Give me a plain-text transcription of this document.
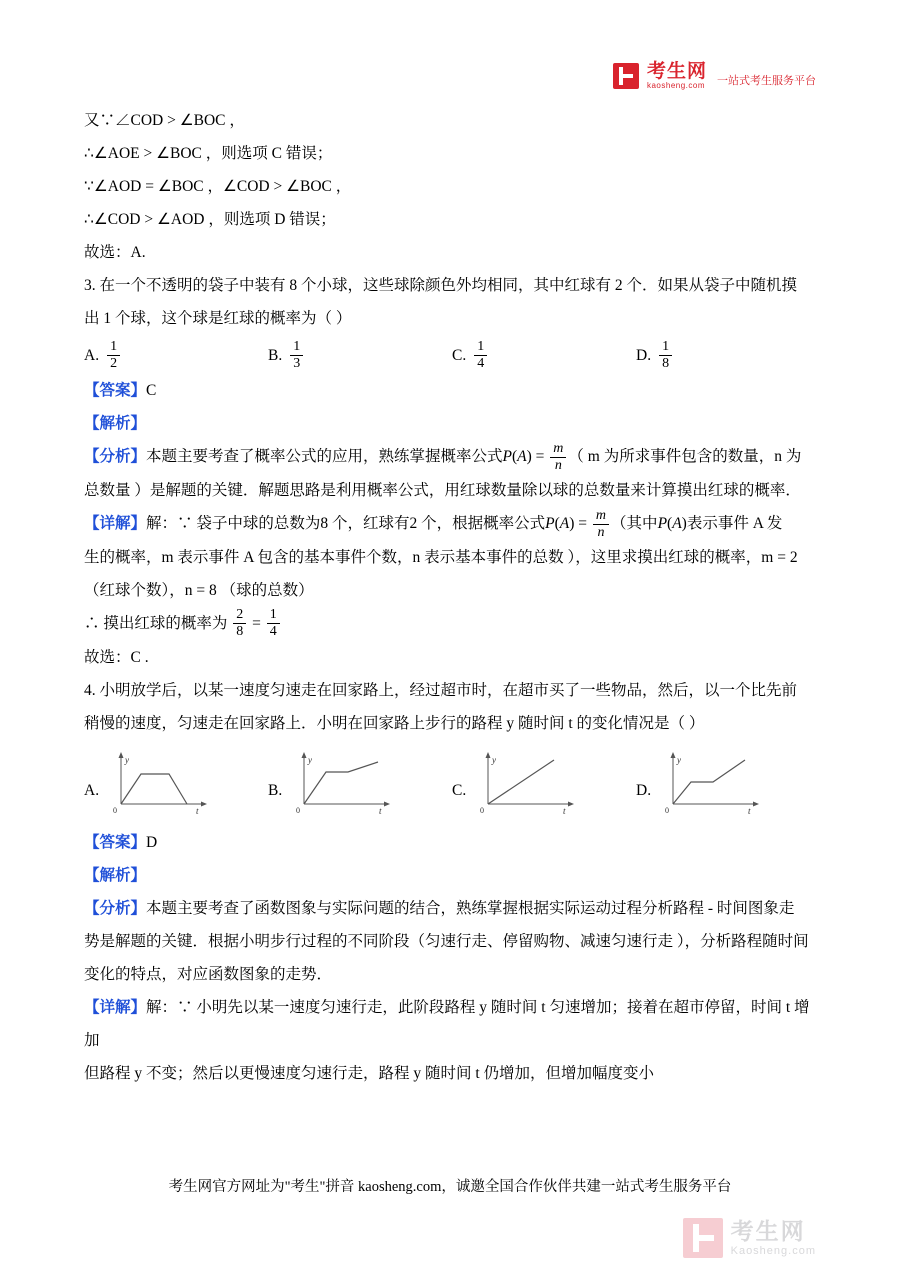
考生网
kaosheng.com 一站式考生服务平台
又∵∠COD > ∠BOC ，
∴∠AOE > ∠BOC ，则选项 C 错误；
∵∠AOD = ∠BOC ，∠COD > ∠BOC ，
∴∠COD > ∠AOD ，则选项 D 错误；
故选：A.
3. 在一个不透明的袋子中装有 8 个小球，这些球除颜色外均相同，其中红球有 2 个．如果从袋子中随机摸
出 1 个球，这个球是红球的概率为（ ）
A. $\frac{1}{2}$	B. $\frac{1}{3}$	C. $\frac{1}{4}$	D. $\frac{1}{8}$
【答案】C
【解析】
【分析】本题主要考查了概率公式的应用，熟练掌握概率公式$P(A) = \frac{m}{n}$ （ m 为所求事件包含的数量，n 为
总数量 ）是解题的关键．解题思路是利用概率公式，用红球数量除以球的总数量来计算摸出红球的概率．
【详解】解：∵ 袋子中球的总数为8 个，红球有2 个，根据概率公式$P(A) = \frac{m}{n}$ （其中P(A)表示事件 A 发
生的概率，m 表示事件 A 包含的基本事件个数，n 表示基本事件的总数 ），这里求摸出红球的概率，m = 2
（红球个数），n = 8 （球的总数）
∴ 摸出红球的概率为 $\frac{2}{8} = \frac{1}{4}$
故选：C .
4. 小明放学后，以某一速度匀速走在回家路上，经过超市时，在超市买了一些物品，然后，以一个比先前
稍慢的速度，匀速走在回家路上．小明在回家路上步行的路程 y 随时间 t 的变化情况是（ ）
A.
y
t
0
B.
y
t
0
C.
y
t
0
D.
y
t
0
【答案】D
【解析】
【分析】本题主要考查了函数图象与实际问题的结合，熟练掌握根据实际运动过程分析路程 - 时间图象走
势是解题的关键．根据小明步行过程的不同阶段（匀速行走、停留购物、减速匀速行走 ），分析路程随时间
变化的特点，对应函数图象的走势．
【详解】解：∵ 小明先以某一速度匀速行走，此阶段路程 y 随时间 t 匀速增加；接着在超市停留，时间 t 增加
但路程 y 不变；然后以更慢速度匀速行走，路程 y 随时间 t 仍增加，但增加幅度变小
考生网官方网址为"考生"拼音 kaosheng.com，诚邀全国合作伙伴共建一站式考生服务平台
考生网
Kaosheng.com
